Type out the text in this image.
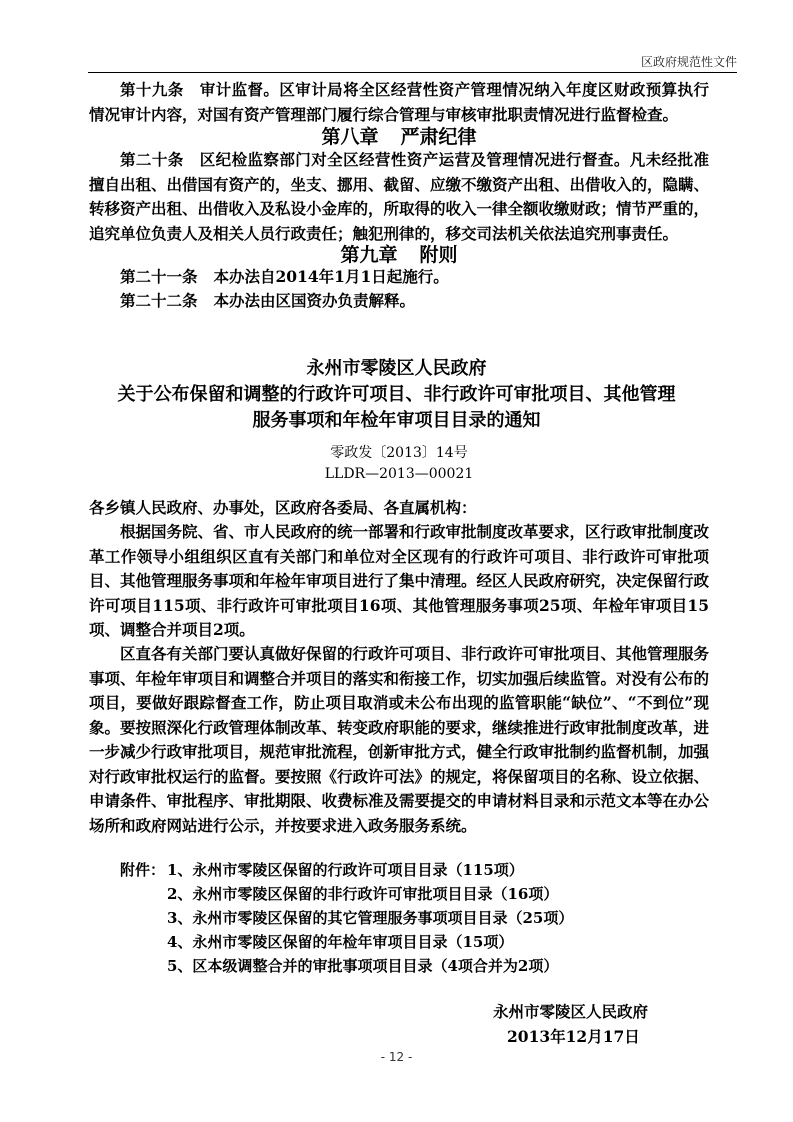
区政府规范性文件
第十九条 审计监督。区审计局将全区经营性资产管理情况纳入年度区财政预算执行情况审计内容，对国有资产管理部门履行综合管理与审核审批职责情况进行监督检查。
第八章 严肃纪律
第二十条 区纪检监察部门对全区经营性资产运营及管理情况进行督查。凡未经批准擅自出租、出借国有资产的，坐支、挪用、截留、应缴不缴资产出租、出借收入的，隐瞒、转移资产出租、出借收入及私设小金库的，所取得的收入一律全额收缴财政；情节严重的，追究单位负责人及相关人员行政责任；触犯刑律的，移交司法机关依法追究刑事责任。
第九章 附则
第二十一条 本办法自2014年1月1日起施行。
第二十二条 本办法由区国资办负责解释。
永州市零陵区人民政府
关于公布保留和调整的行政许可项目、非行政许可审批项目、其他管理
服务事项和年检年审项目目录的通知
零政发〔2013〕14号
LLDR—2013—00021
各乡镇人民政府、办事处，区政府各委局、各直属机构：
根据国务院、省、市人民政府的统一部署和行政审批制度改革要求，区行政审批制度改革工作领导小组组织区直有关部门和单位对全区现有的行政许可项目、非行政许可审批项目、其他管理服务事项和年检年审项目进行了集中清理。经区人民政府研究，决定保留行政许可项目115项、非行政许可审批项目16项、其他管理服务事项25项、年检年审项目15项、调整合并项目2项。
区直各有关部门要认真做好保留的行政许可项目、非行政许可审批项目、其他管理服务事项、年检年审项目和调整合并项目的落实和衔接工作，切实加强后续监管。对没有公布的项目，要做好跟踪督查工作，防止项目取消或未公布出现的监管职能“缺位”、“不到位”现象。要按照深化行政管理体制改革、转变政府职能的要求，继续推进行政审批制度改革，进一步减少行政审批项目，规范审批流程，创新审批方式，健全行政审批制约监督机制，加强对行政审批权运行的监督。要按照《行政许可法》的规定，将保留项目的名称、设立依据、申请条件、审批程序、审批期限、收费标准及需要提交的申请材料目录和示范文本等在办公场所和政府网站进行公示，并按要求进入政务服务系统。
附件： 1、永州市零陵区保留的行政许可项目目录（115项）
2、永州市零陵区保留的非行政许可审批项目目录（16项）
3、永州市零陵区保留的其它管理服务事项项目目录（25项）
4、永州市零陵区保留的年检年审项目目录（15项）
5、区本级调整合并的审批事项项目目录（4项合并为2项）
永州市零陵区人民政府
2013年12月17日
- 12 -
